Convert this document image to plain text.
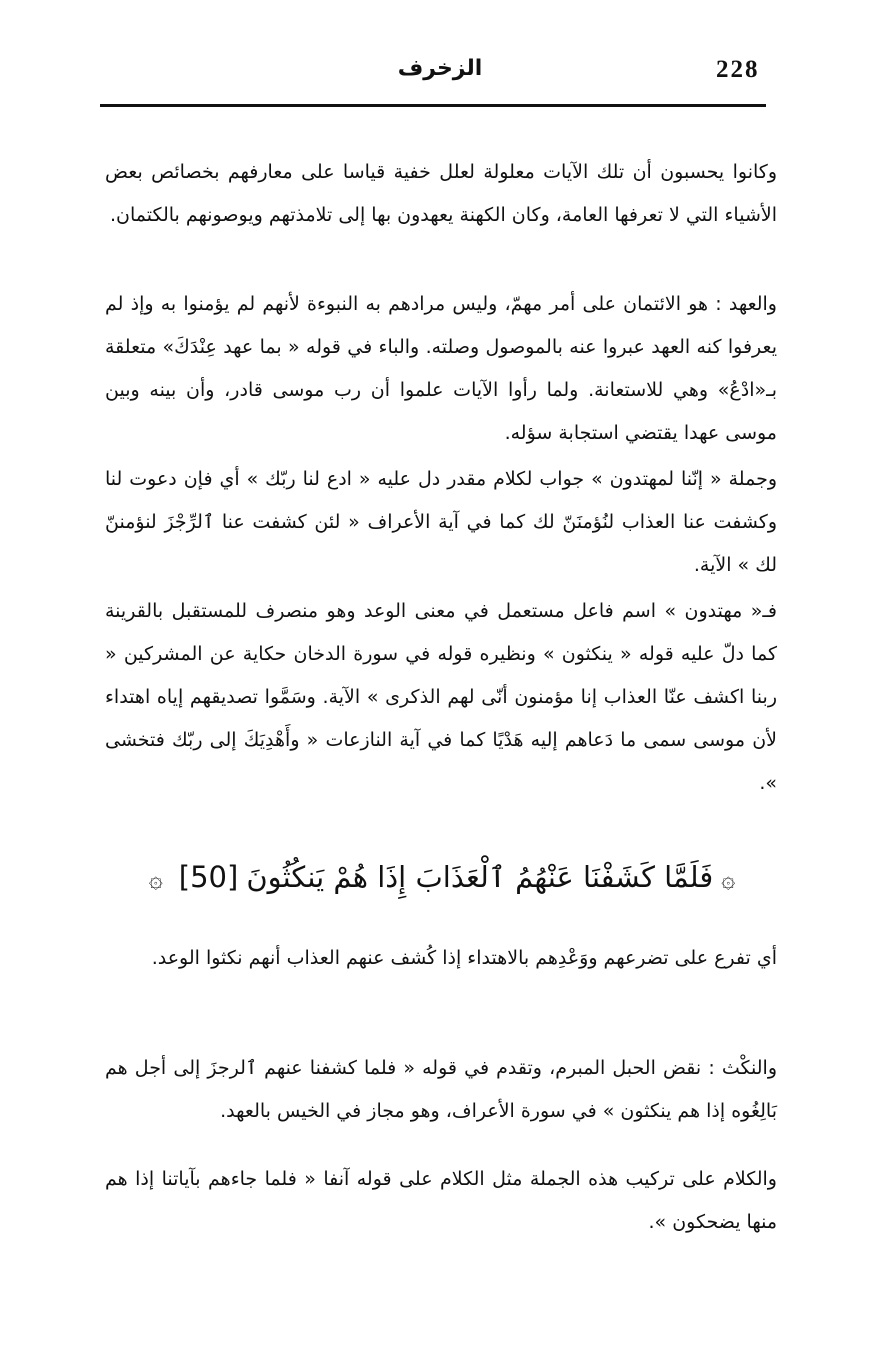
228
الزخرف

وكانوا يحسبون أن تلك الآيات معلولة لعلل خفية قياسا على معارفهم بخصائص بعض الأشياء التي لا تعرفها العامة، وكان الكهنة يعهدون بها إلى تلامذتهم ويوصونهم بالكتمان.

والعهد : هو الائتمان على أمر مهمّ، وليس مرادهم به النبوءة لأنهم لم يؤمنوا به وإذ لم يعرفوا كنه العهد عبروا عنه بالموصول وصلته. والباء في قوله « بما عهد عِنْدَكَ» متعلقة بـ«ادْعُ» وهي للاستعانة. ولما رأوا الآيات علموا أن رب موسى قادر، وأن بينه وبين موسى عهدا يقتضي استجابة سؤله.

وجملة « إنّنا لمهتدون » جواب لكلام مقدر دل عليه « ادع لنا ربّك » أي فإن دعوت لنا وكشفت عنا العذاب لنُؤمنَنّ لك كما في آية الأعراف « لئن كشفت عنا ٱلرِّجْزَ لنؤمننّ لك » الآية.

فـ« مهتدون » اسم فاعل مستعمل في معنى الوعد وهو منصرف للمستقبل بالقرينة كما دلّ عليه قوله « ينكثون » ونظيره قوله في سورة الدخان حكاية عن المشركين « ربنا اكشف عنّا العذاب إنا مؤمنون أنّى لهم الذكرى » الآية. وسَمَّوا تصديقهم إياه اهتداء لأن موسى سمى ما دَعاهم إليه هَدْيًا كما في آية النازعات « وأَهْدِيَكَ إلى ربّك فتخشى ».

۞فَلَمَّا كَشَفْنَا عَنْهُمُ ٱلْعَذَابَ إِذَا هُمْ يَنكُثُونَ[50]۞

أي تفرع على تضرعهم ووَعْدِهم بالاهتداء إذا كُشف عنهم العذاب أنهم نكثوا الوعد.

والنكْث : نقض الحبل المبرم، وتقدم في قوله « فلما كشفنا عنهم ٱلرجزَ إلى أجل هم بَالِغُوه إذا هم ينكثون » في سورة الأعراف، وهو مجاز في الخيس بالعهد.

والكلام على تركيب هذه الجملة مثل الكلام على قوله آنفا « فلما جاءهم بآياتنا إذا هم منها يضحكون ».
